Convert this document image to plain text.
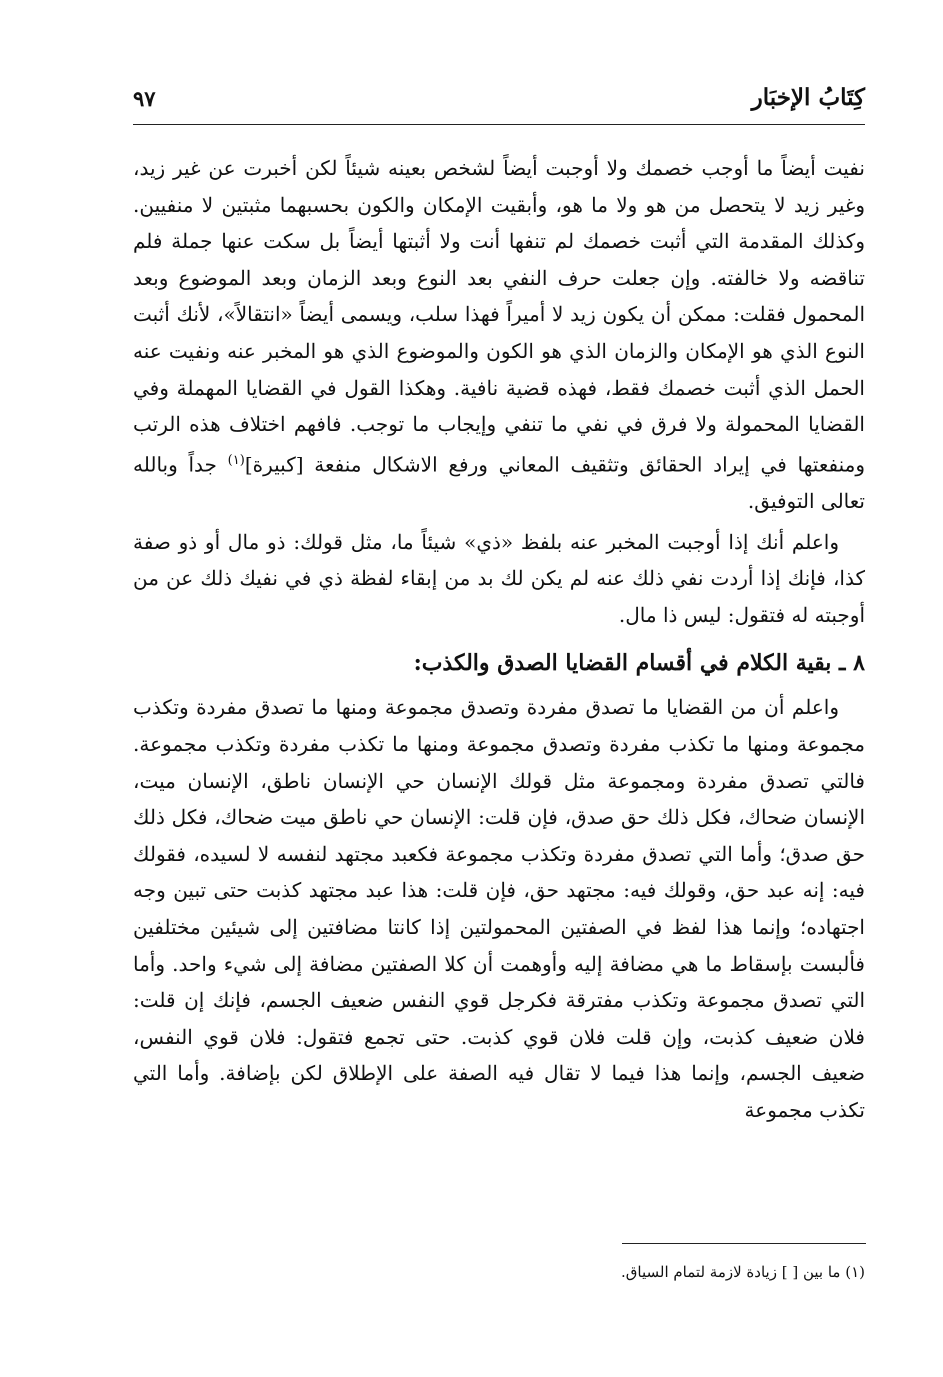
كِتَابُ الإخبَار
٩٧

نفيت أيضاً ما أوجب خصمك ولا أوجبت أيضاً لشخص بعينه شيئاً لكن أخبرت عن غير زيد، وغير زيد لا يتحصل من هو ولا ما هو، وأبقيت الإمكان والكون بحسبهما مثبتين لا منفيين. وكذلك المقدمة التي أثبت خصمك لم تنفها أنت ولا أثبتها أيضاً بل سكت عنها جملة فلم تناقضه ولا خالفته. وإن جعلت حرف النفي بعد النوع وبعد الزمان وبعد الموضوع وبعد المحمول فقلت: ممكن أن يكون زيد لا أميراً فهذا سلب، ويسمى أيضاً «انتقالاً»، لأنك أثبت النوع الذي هو الإمكان والزمان الذي هو الكون والموضوع الذي هو المخبر عنه ونفيت عنه الحمل الذي أثبت خصمك فقط، فهذه قضية نافية. وهكذا القول في القضايا المهملة وفي القضايا المحمولة ولا فرق في نفي ما تنفي وإيجاب ما توجب. فافهم اختلاف هذه الرتب ومنفعتها في إيراد الحقائق وتثقيف المعاني ورفع الاشكال منفعة [كبيرة]$^{(١)}$ جداً وبالله تعالى التوفيق.

واعلم أنك إذا أوجبت المخبر عنه بلفظ «ذي» شيئاً ما، مثل قولك: ذو مال أو ذو صفة كذا، فإنك إذا أردت نفي ذلك عنه لم يكن لك بد من إبقاء لفظة ذي في نفيك ذلك عن من أوجبته له فتقول: ليس ذا مال.

٨ ـ بقية الكلام في أقسام القضايا الصدق والكذب:

واعلم أن من القضايا ما تصدق مفردة وتصدق مجموعة ومنها ما تصدق مفردة وتكذب مجموعة ومنها ما تكذب مفردة وتصدق مجموعة ومنها ما تكذب مفردة وتكذب مجموعة. فالتي تصدق مفردة ومجموعة مثل قولك الإنسان حي الإنسان ناطق، الإنسان ميت، الإنسان ضحاك، فكل ذلك حق صدق، فإن قلت: الإنسان حي ناطق ميت ضحاك، فكل ذلك حق صدق؛ وأما التي تصدق مفردة وتكذب مجموعة فكعبد مجتهد لنفسه لا لسيده، فقولك فيه: إنه عبد حق، وقولك فيه: مجتهد حق، فإن قلت: هذا عبد مجتهد كذبت حتى تبين وجه اجتهاده؛ وإنما هذا لفظ في الصفتين المحمولتين إذا كانتا مضافتين إلى شيئين مختلفين فألبست بإسقاط ما هي مضافة إليه وأوهمت أن كلا الصفتين مضافة إلى شيء واحد. وأما التي تصدق مجموعة وتكذب مفترقة فكرجل قوي النفس ضعيف الجسم، فإنك إن قلت: فلان ضعيف كذبت، وإن قلت فلان قوي كذبت. حتى تجمع فتقول: فلان قوي النفس، ضعيف الجسم، وإنما هذا فيما لا تقال فيه الصفة على الإطلاق لكن بإضافة. وأما التي تكذب مجموعة

(١) ما بين [ ] زيادة لازمة لتمام السياق.
